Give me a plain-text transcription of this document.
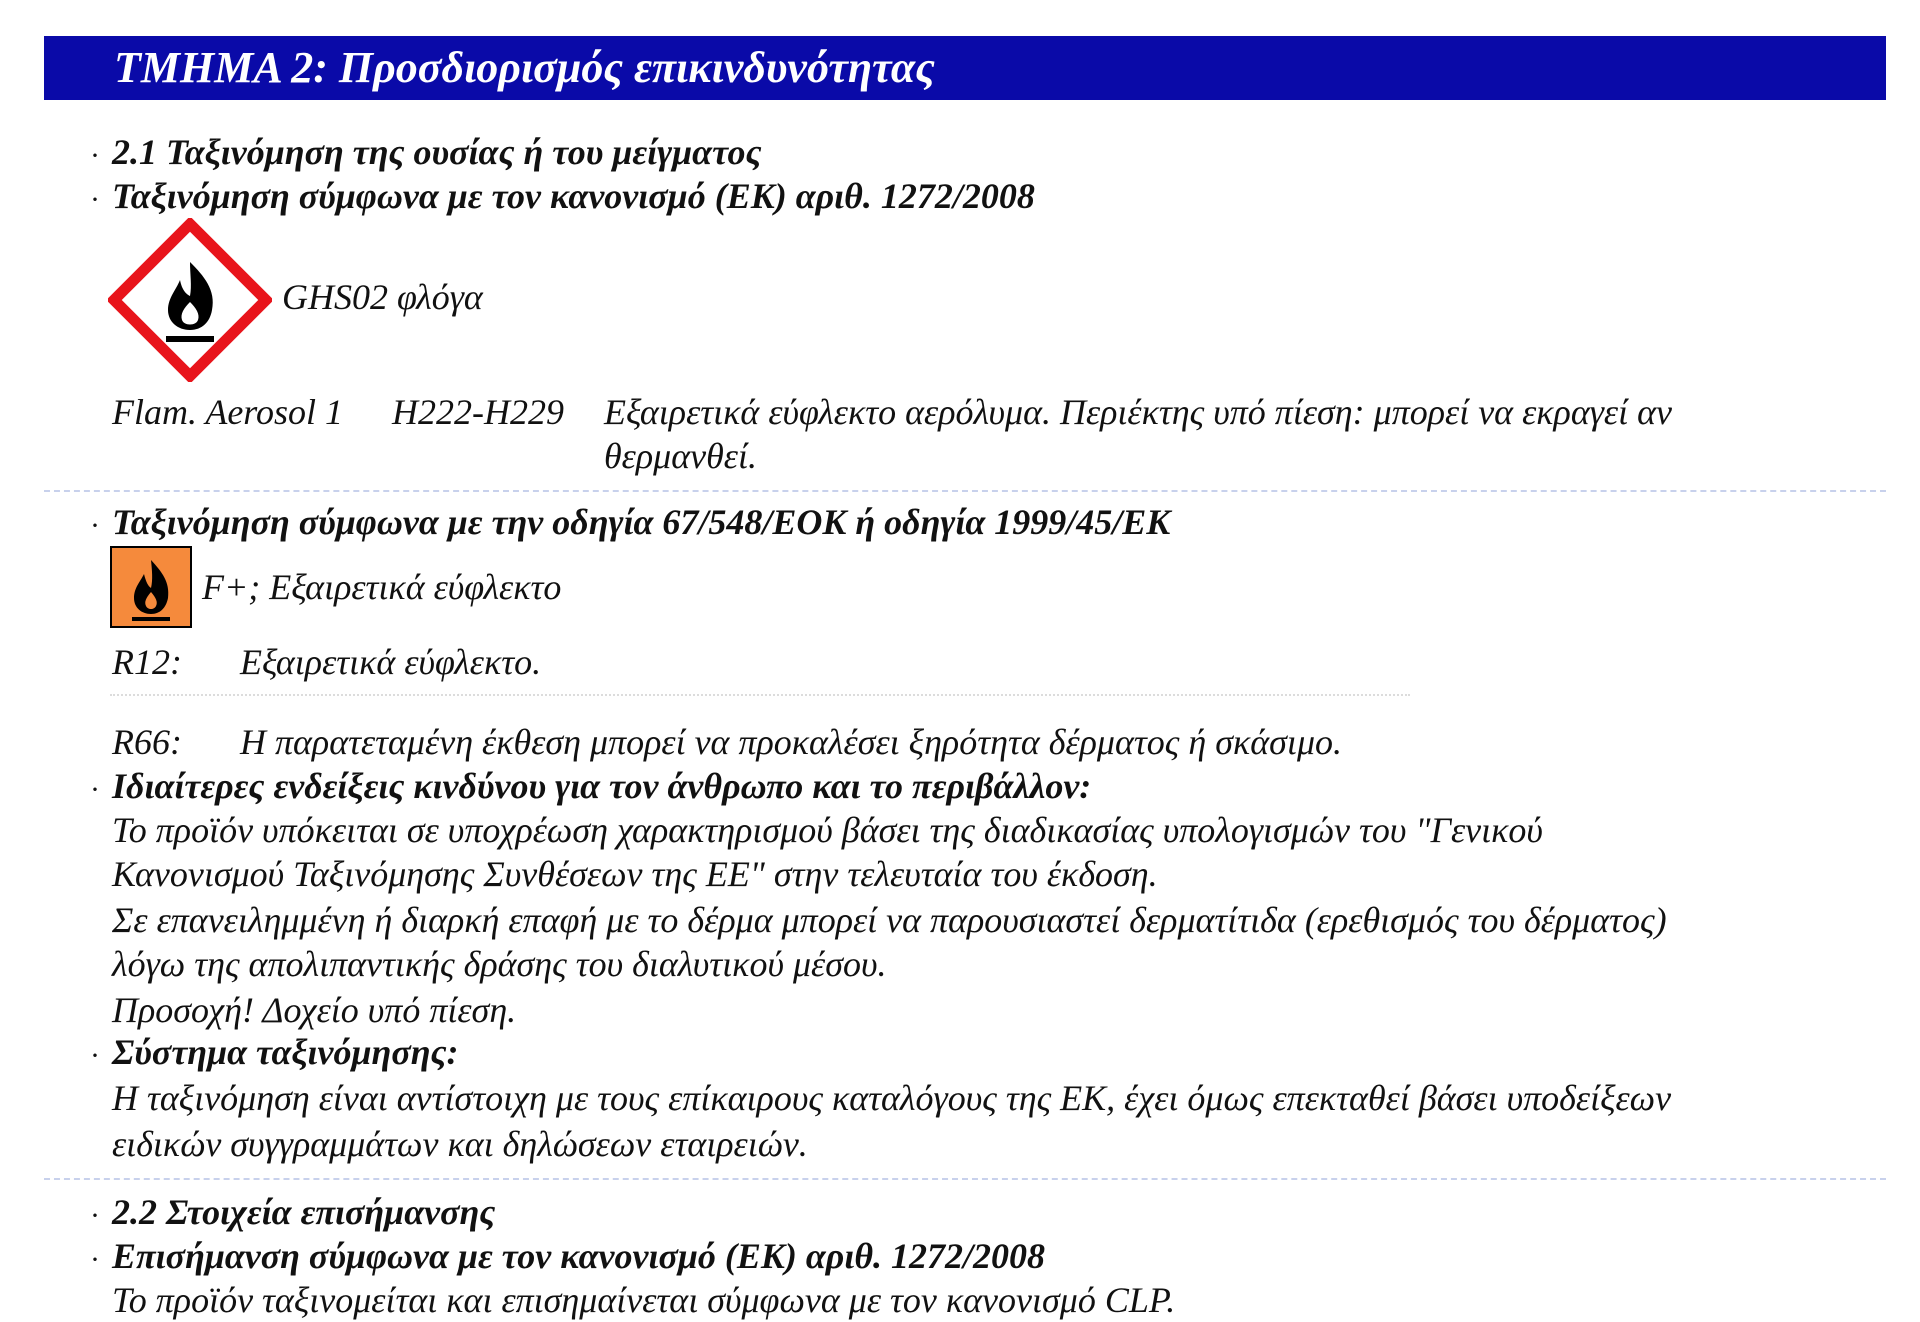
ΤΜΗΜΑ 2: Προσδιορισμός επικινδυνότητας
· 2.1 Ταξινόμηση της ουσίας ή του μείγματος
· Ταξινόμηση σύμφωνα με τον κανονισμό (ΕΚ) αριθ. 1272/2008
GHS02 φλόγα
Flam. Aerosol 1 H222-H229 Εξαιρετικά εύφλεκτο αερόλυμα. Περιέκτης υπό πίεση: μπορεί να εκραγεί αν
θερμανθεί.
· Ταξινόμηση σύμφωνα με την οδηγία 67/548/ΕΟΚ ή οδηγία 1999/45/ΕΚ
F+; Εξαιρετικά εύφλεκτο
R12: Εξαιρετικά εύφλεκτο.
R66: Η παρατεταμένη έκθεση μπορεί να προκαλέσει ξηρότητα δέρματος ή σκάσιμο.
· Ιδιαίτερες ενδείξεις κινδύνου για τον άνθρωπο και το περιβάλλον:
Το προϊόν υπόκειται σε υποχρέωση χαρακτηρισμού βάσει της διαδικασίας υπολογισμών του "Γενικού
Κανονισμού Ταξινόμησης Συνθέσεων της ΕΕ" στην τελευταία του έκδοση.
Σε επανειλημμένη ή διαρκή επαφή με το δέρμα μπορεί να παρουσιαστεί δερματίτιδα (ερεθισμός του δέρματος)
λόγω της απολιπαντικής δράσης του διαλυτικού μέσου.
Προσοχή! Δοχείο υπό πίεση.
· Σύστημα ταξινόμησης:
Η ταξινόμηση είναι αντίστοιχη με τους επίκαιρους καταλόγους της ΕΚ, έχει όμως επεκταθεί βάσει υποδείξεων
ειδικών συγγραμμάτων και δηλώσεων εταιρειών.
· 2.2 Στοιχεία επισήμανσης
· Επισήμανση σύμφωνα με τον κανονισμό (ΕΚ) αριθ. 1272/2008
Το προϊόν ταξινομείται και επισημαίνεται σύμφωνα με τον κανονισμό CLP.
